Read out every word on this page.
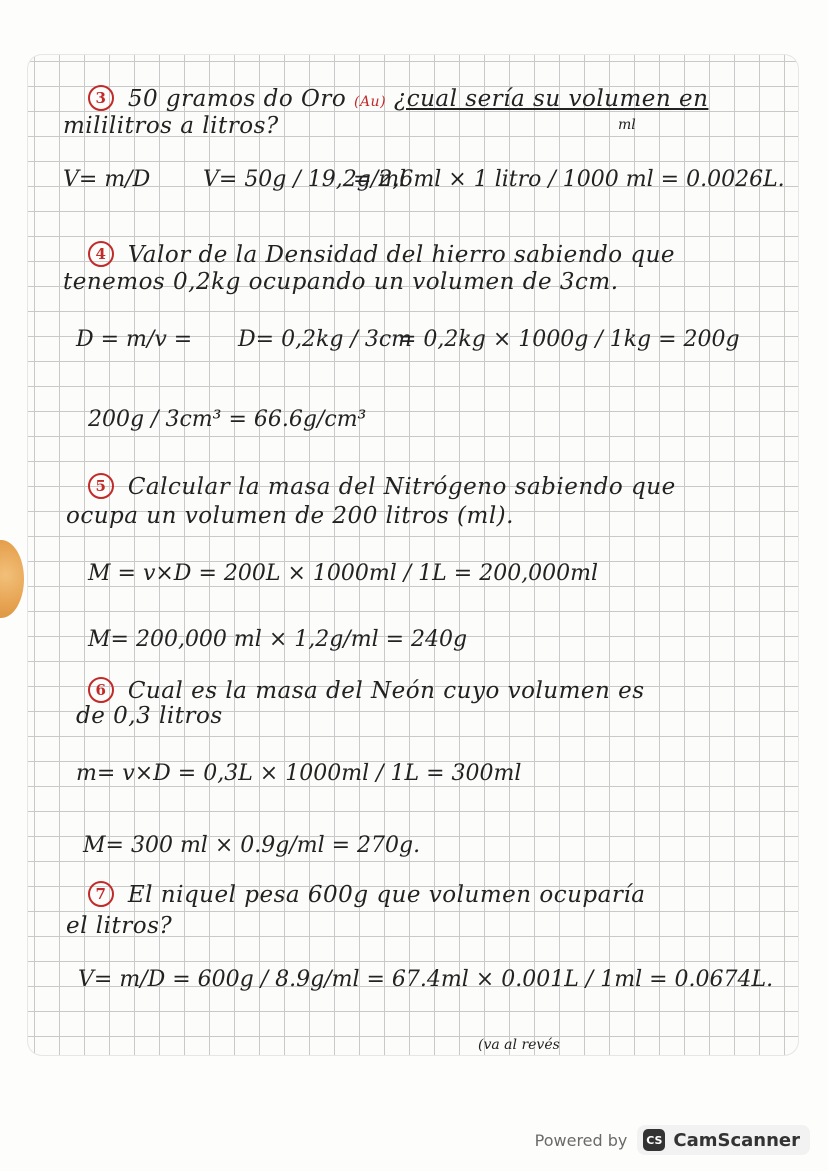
3 50 gramos do Oro (Au) ¿cual sería su volumen en
ml
mililitros a litros?
V= m/D V= 50g / 19,2g/ml
= 2,6ml × 1 litro / 1000 ml = 0.0026L.
4 Valor de la Densidad del hierro sabiendo que
tenemos 0,2kg ocupando un volumen de 3cm.
D = m/v = D= 0,2kg / 3cm
= 0,2kg × 1000g / 1kg = 200g
200g / 3cm³ = 66.6g/cm³
5 Calcular la masa del Nitrógeno sabiendo que
ocupa un volumen de 200 litros (ml).
M = v×D = 200L × 1000ml / 1L = 200,000ml
M= 200,000 ml × 1,2g/ml = 240g
6 Cual es la masa del Neón cuyo volumen es
de 0,3 litros
m= v×D = 0,3L × 1000ml / 1L = 300ml
M= 300 ml × 0.9g/ml = 270g.
7 El niquel pesa 600g que volumen ocuparía
el litros?
V= m/D = 600g / 8.9g/ml = 67.4ml × 0.001L / 1ml = 0.0674L.
(va al revés
Powered by CS CamScanner
